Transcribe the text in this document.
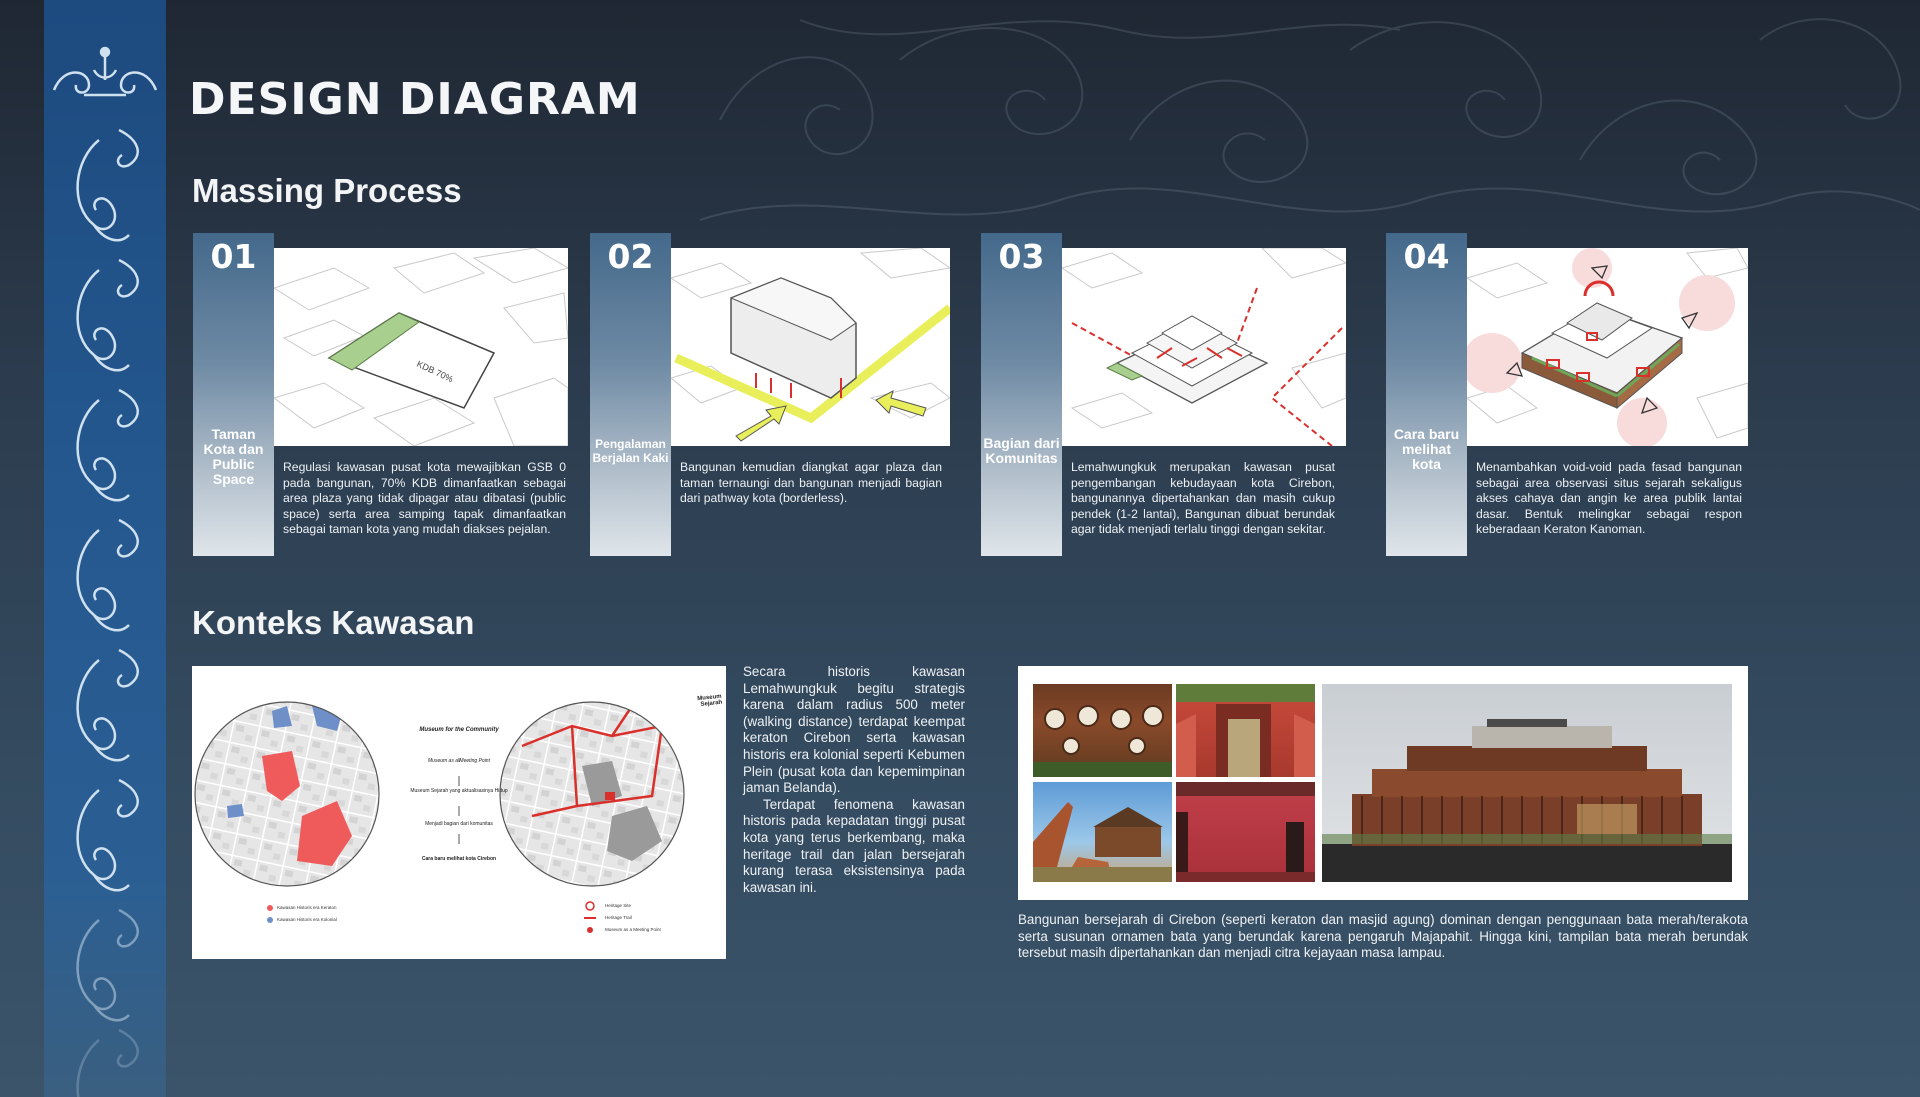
DESIGN DIAGRAM
Massing Process
01
Taman Kota dan Public Space
KDB 70%

Regulasi kawasan pusat kota mewajibkan GSB 0 pada bangunan, 70% KDB dimanfaatkan sebagai area plaza yang tidak dipagar atau dibatasi (public space) serta area samping tapak dimanfaatkan sebagai taman kota yang mudah diakses pejalan.

02
Pengalaman Berjalan Kaki

Bangunan kemudian diangkat agar plaza dan taman ternaungi dan bangunan menjadi bagian dari pathway kota (borderless).

03
Bagian dari Komunitas

Lemahwungkuk merupakan kawasan pusat pengembangan kebudayaan kota Cirebon, bangunannya dipertahankan dan masih cukup pendek (1-2 lantai), Bangunan dibuat berundak agar tidak menjadi terlalu tinggi dengan sekitar.

04
Cara baru melihat kota	Menambahkan void-void pada fasad bangunan sebagai area observasi situs sejarah sekaligus akses cahaya dan angin ke area publik lantai dasar. Bentuk melingkar sebagai respon keberadaan Keraton Kanoman.

Konteks Kawasan
Museum for the Community
Museum as a Meeting Point
Museum Sejarah yang aktualisasinya Hidup
Menjadi bagian dari komunitas
Cara baru melihat kota Cirebon
Museum Sejarah
Kawasan Historis era Keraton
Kawasan Historis era Kolonial
Heritage Site
Heritage Trail
Museum as a Meeting Point
Secara historis kawasan Lemahwungkuk begitu strategis karena dalam radius 500 meter (walking distance) terdapat keempat keraton Cirebon serta kawasan historis era kolonial seperti Kebumen Plein (pusat kota dan kepemimpinan jaman Belanda).
Terdapat fenomena kawasan historis pada kepadatan tinggi pusat kota yang terus berkembang, maka heritage trail dan jalan bersejarah kurang terasa eksistensinya pada kawasan ini.

Bangunan bersejarah di Cirebon (seperti keraton dan masjid agung) dominan dengan penggunaan bata merah/terakota serta susunan ornamen bata yang berundak karena pengaruh Majapahit. Hingga kini, tampilan bata merah berundak tersebut masih dipertahankan dan menjadi citra kejayaan masa lampau.
